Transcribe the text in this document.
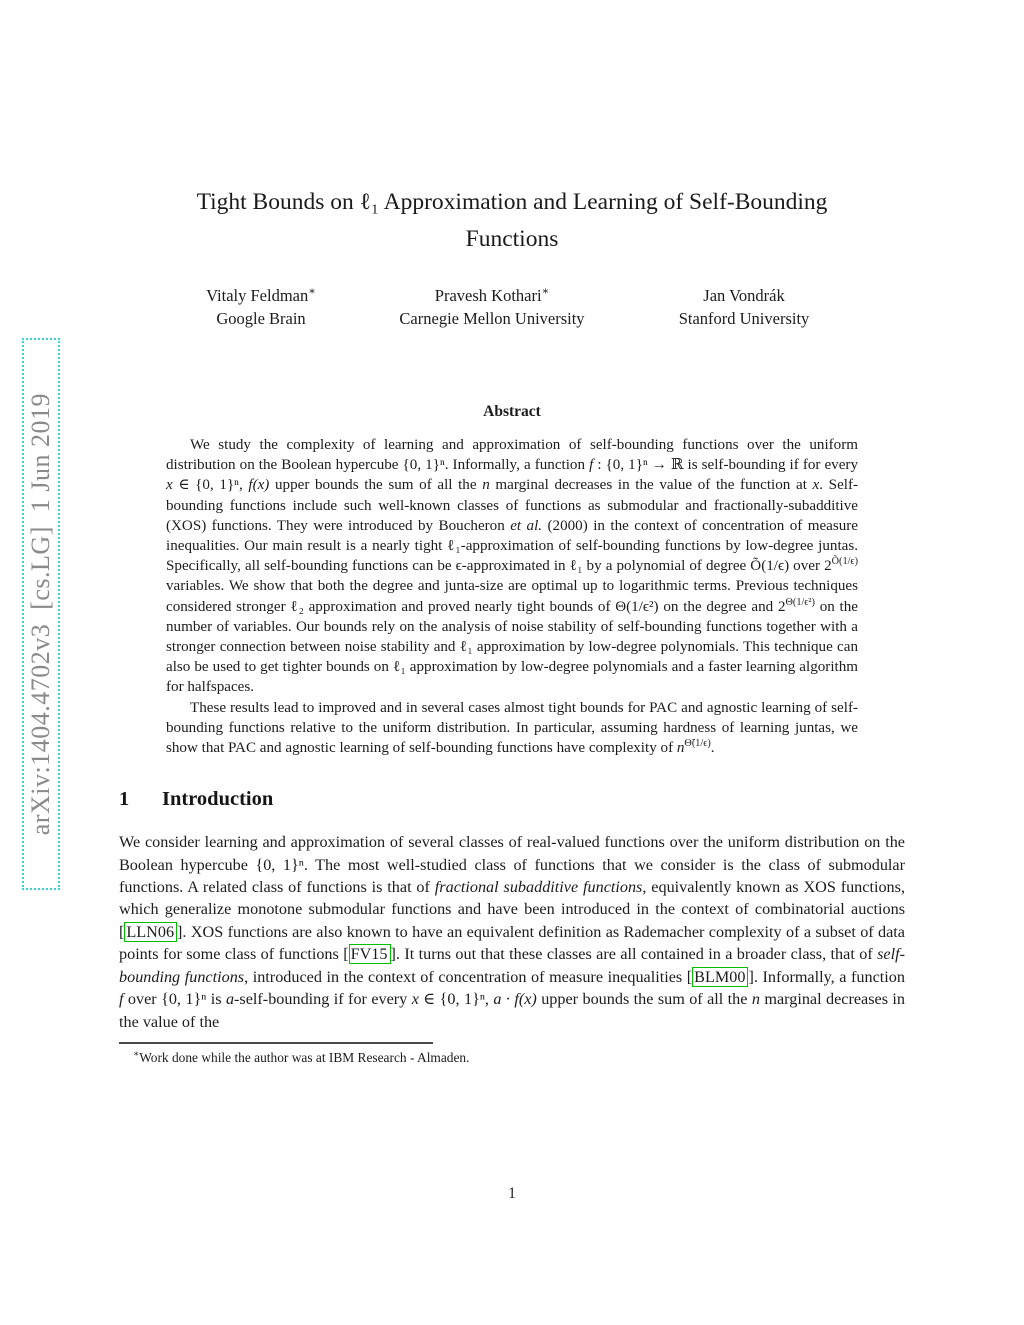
arXiv:1404.4702v3  [cs.LG]  1 Jun 2019
Tight Bounds on ℓ₁ Approximation and Learning of Self-Bounding
Functions
Vitaly Feldman∗
Google Brain
Pravesh Kothari∗
Carnegie Mellon University
Jan Vondrák
Stanford University
Abstract

We study the complexity of learning and approximation of self-bounding functions over the uniform distribution on the Boolean hypercube {0, 1}ⁿ. Informally, a function f : {0, 1}ⁿ → ℝ is self-bounding if for every x ∈ {0, 1}ⁿ, f(x) upper bounds the sum of all the n marginal decreases in the value of the function at x. Self-bounding functions include such well-known classes of functions as submodular and fractionally-subadditive (XOS) functions. They were introduced by Boucheron et al. (2000) in the context of concentration of measure inequalities. Our main result is a nearly tight ℓ₁-approximation of self-bounding functions by low-degree juntas. Specifically, all self-bounding functions can be ϵ-approximated in ℓ₁ by a polynomial of degree Õ(1/ϵ) over $2^{Õ(1/\epsilon)}$ variables. We show that both the degree and junta-size are optimal up to logarithmic terms. Previous techniques considered stronger ℓ₂ approximation and proved nearly tight bounds of Θ(1/ϵ²) on the degree and $2^{\Theta(1/\epsilon^2)}$ on the number of variables. Our bounds rely on the analysis of noise stability of self-bounding functions together with a stronger connection between noise stability and ℓ₁ approximation by low-degree polynomials. This technique can also be used to get tighter bounds on ℓ₁ approximation by low-degree polynomials and a faster learning algorithm for halfspaces.

These results lead to improved and in several cases almost tight bounds for PAC and agnostic learning of self-bounding functions relative to the uniform distribution. In particular, assuming hardness of learning juntas, we show that PAC and agnostic learning of self-bounding functions have complexity of $n^{\Thetã(1/\epsilon)}$.

1 Introduction

We consider learning and approximation of several classes of real-valued functions over the uniform distribution on the Boolean hypercube {0, 1}ⁿ. The most well-studied class of functions that we consider is the class of submodular functions. A related class of functions is that of fractional subadditive functions, equivalently known as XOS functions, which generalize monotone submodular functions and have been introduced in the context of combinatorial auctions [ LLN06 ]. XOS functions are also known to have an equivalent definition as Rademacher complexity of a subset of data points for some class of functions [ FV15 ]. It turns out that these classes are all contained in a broader class, that of self-bounding functions, introduced in the context of concentration of measure inequalities [ BLM00 ]. Informally, a function f over {0, 1}ⁿ is a-self-bounding if for every x ∈ {0, 1}ⁿ, a · f(x) upper bounds the sum of all the n marginal decreases in the value of the

∗Work done while the author was at IBM Research - Almaden.

1
